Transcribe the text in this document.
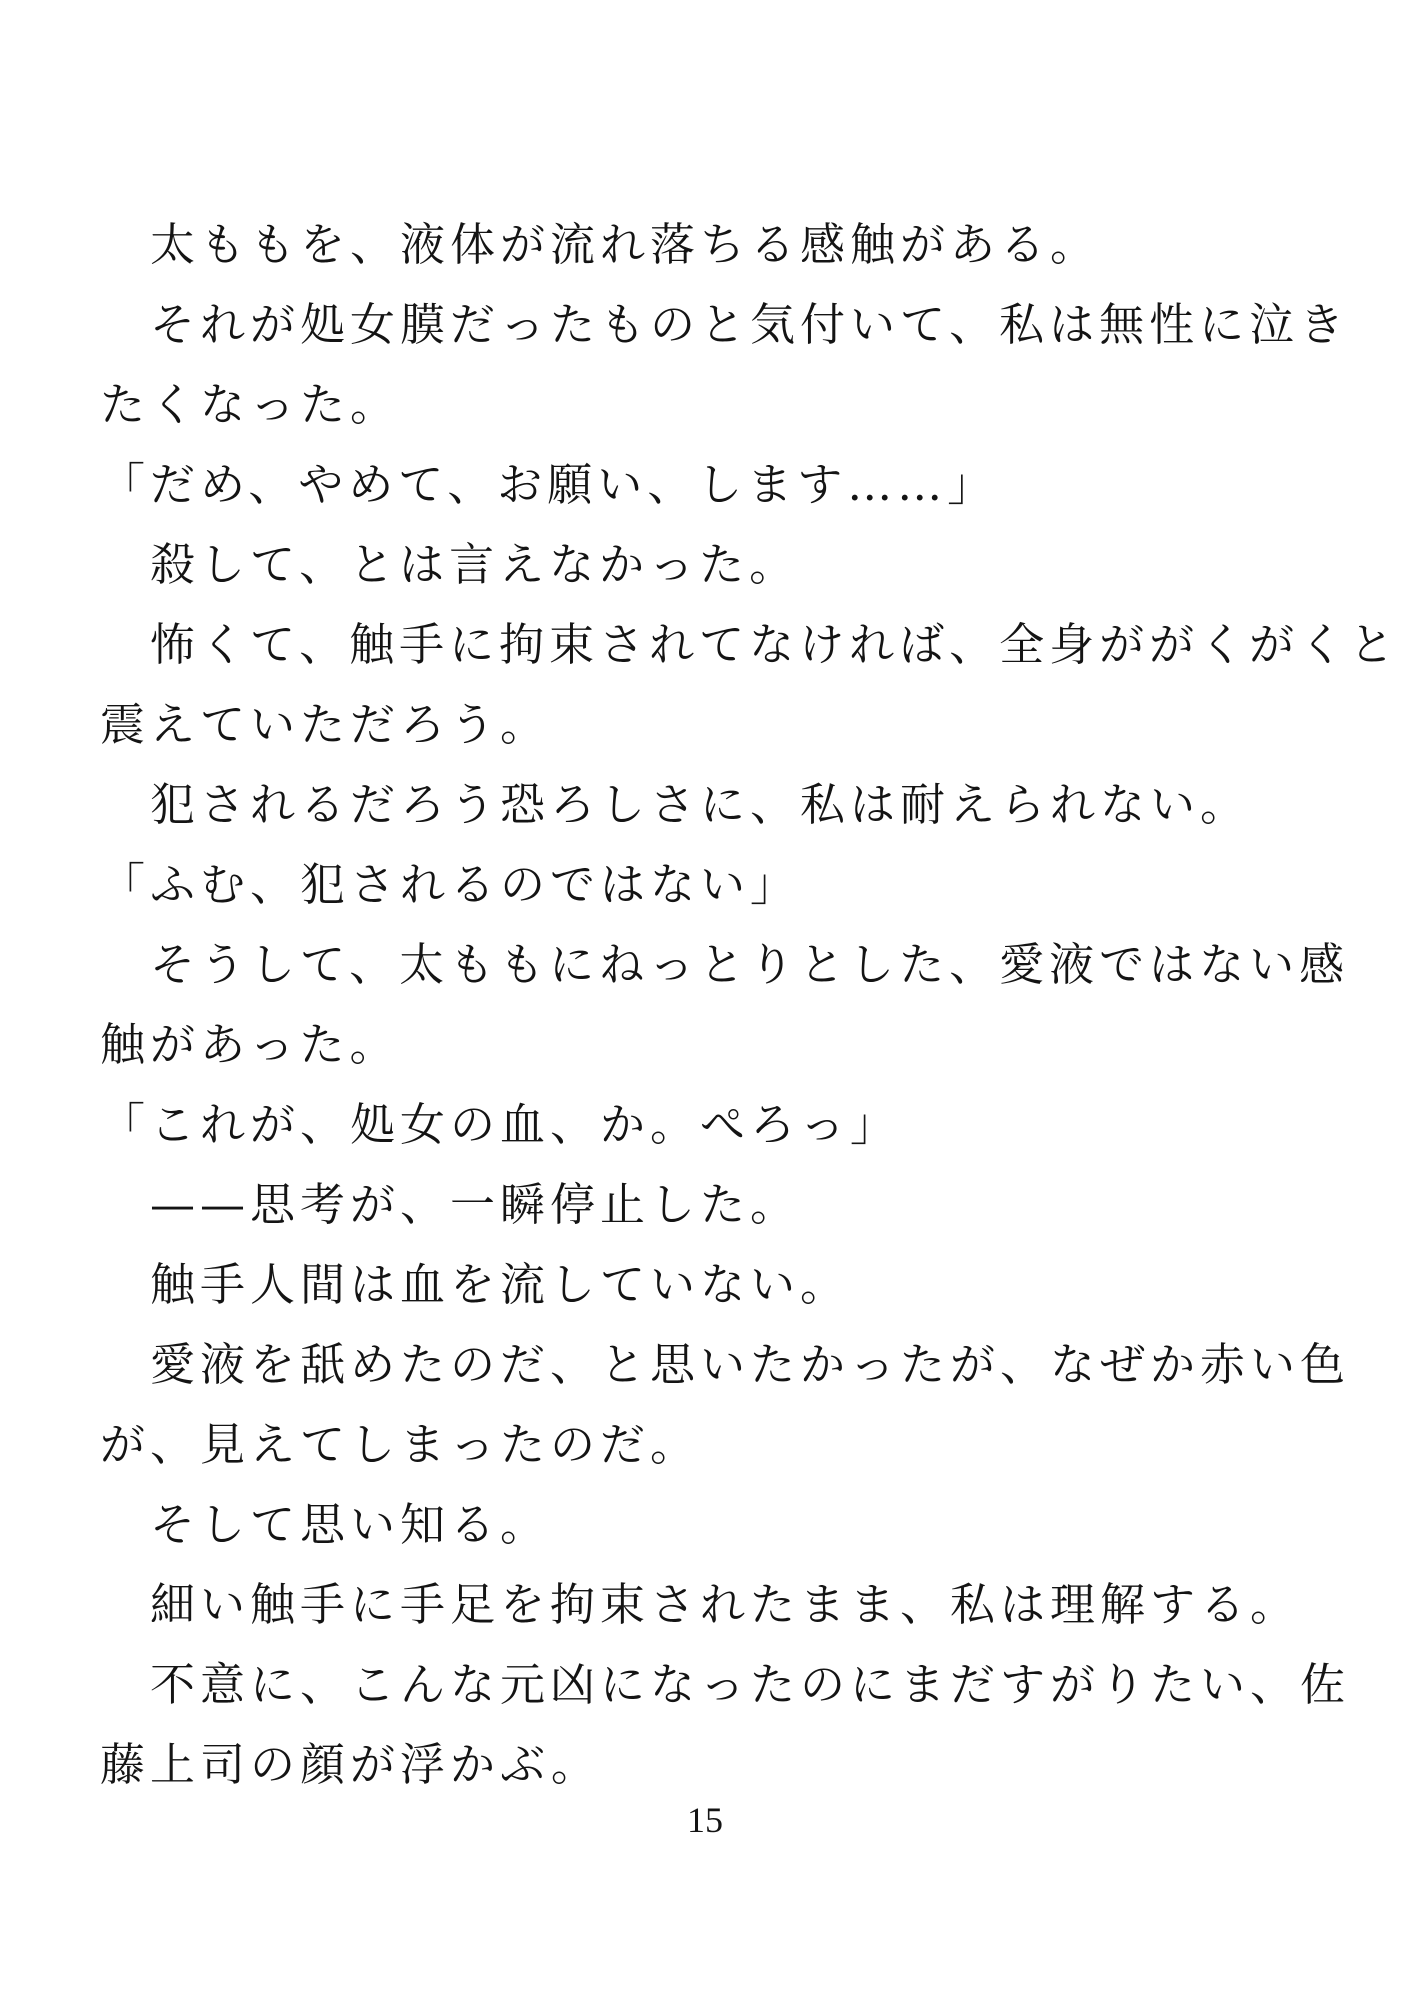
太ももを、液体が流れ落ちる感触がある。
それが処女膜だったものと気付いて、私は無性に泣き
たくなった。
「だめ、やめて、お願い、します……」
殺して、とは言えなかった。
怖くて、触手に拘束されてなければ、全身ががくがくと
震えていただろう。
犯されるだろう恐ろしさに、私は耐えられない。
「ふむ、犯されるのではない」
そうして、太ももにねっとりとした、愛液ではない感
触があった。
「これが、処女の血、か。ぺろっ」
——思考が、一瞬停止した。
触手人間は血を流していない。
愛液を舐めたのだ、と思いたかったが、なぜか赤い色
が、見えてしまったのだ。
そして思い知る。
細い触手に手足を拘束されたまま、私は理解する。
不意に、こんな元凶になったのにまだすがりたい、佐
藤上司の顔が浮かぶ。
15
